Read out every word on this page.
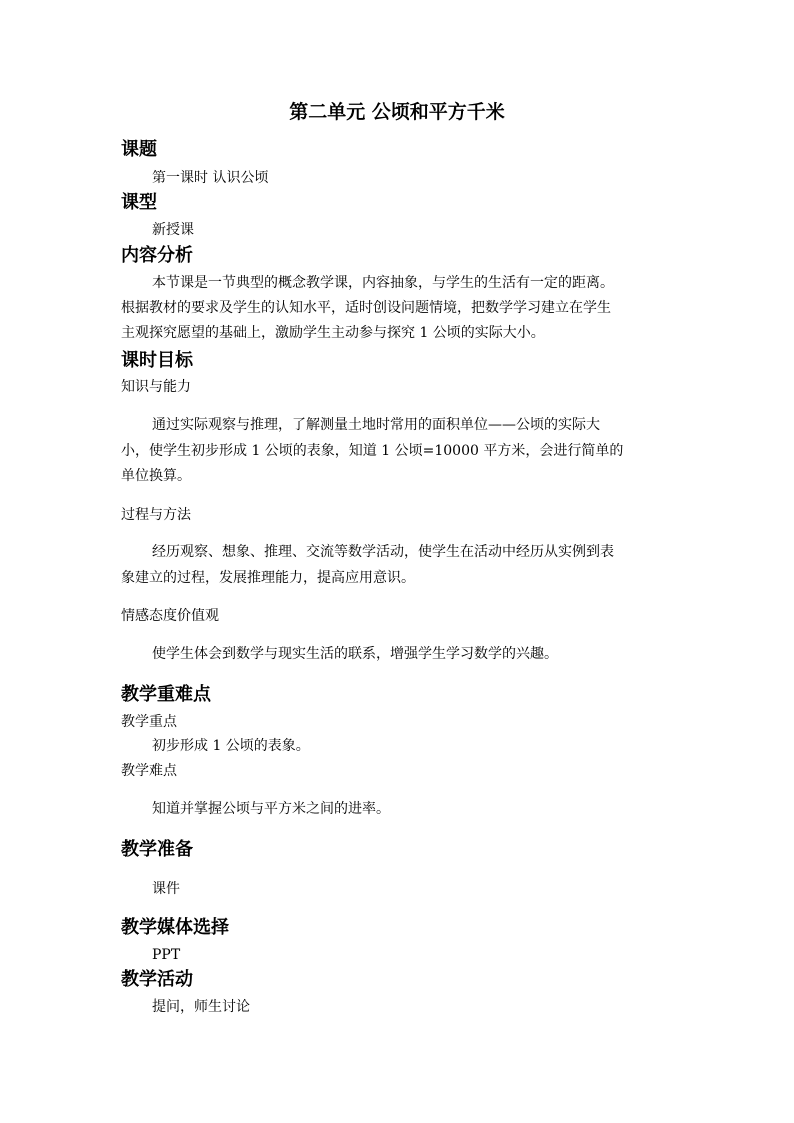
第二单元 公顷和平方千米
课题
第一课时 认识公顷
课型
新授课
内容分析
本节课是一节典型的概念教学课，内容抽象，与学生的生活有一定的距离。
根据教材的要求及学生的认知水平，适时创设问题情境，把数学学习建立在学生
主观探究愿望的基础上，激励学生主动参与探究 1 公顷的实际大小。
课时目标
知识与能力
通过实际观察与推理，了解测量土地时常用的面积单位——公顷的实际大
小，使学生初步形成 1 公顷的表象，知道 1 公顷=10000 平方米，会进行简单的
单位换算。
过程与方法
经历观察、想象、推理、交流等数学活动，使学生在活动中经历从实例到表
象建立的过程，发展推理能力，提高应用意识。
情感态度价值观
使学生体会到数学与现实生活的联系，增强学生学习数学的兴趣。
教学重难点
教学重点
初步形成 1 公顷的表象。
教学难点
知道并掌握公顷与平方米之间的进率。
教学准备
课件
教学媒体选择
PPT
教学活动
提问，师生讨论
